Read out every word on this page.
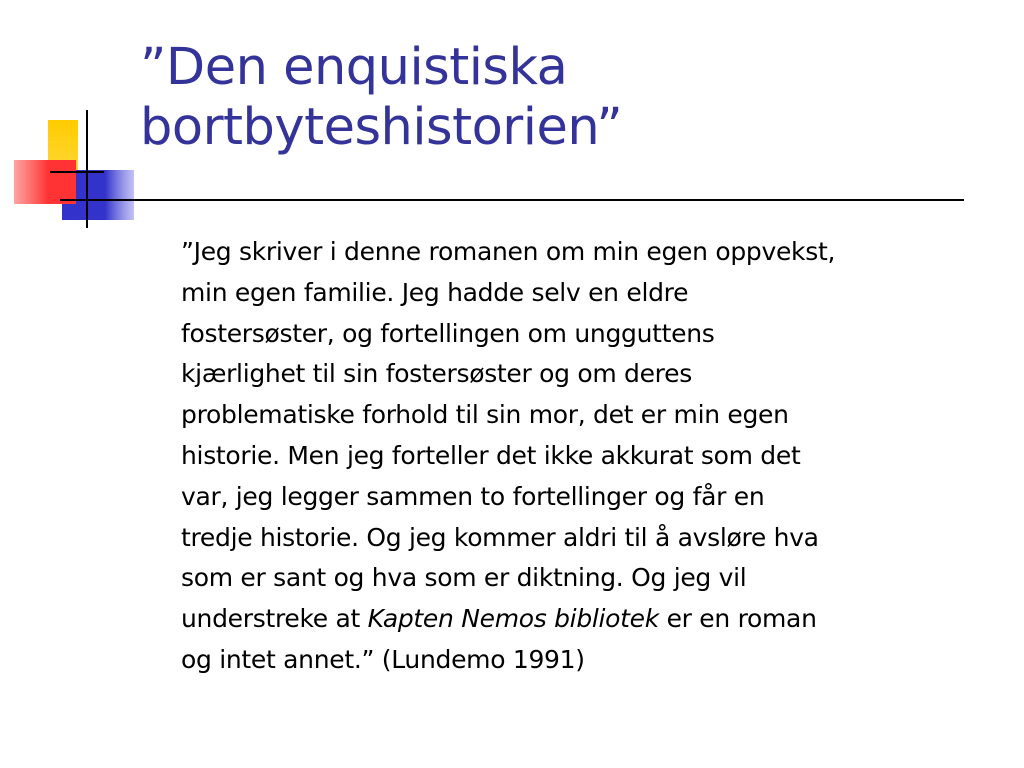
”Den enquistiska
bortbyteshistorien”

”Jeg skriver i denne romanen om min egen oppvekst,
min egen familie. Jeg hadde selv en eldre
fostersøster, og fortellingen om ungguttens
kjærlighet til sin fostersøster og om deres
problematiske forhold til sin mor, det er min egen
historie. Men jeg forteller det ikke akkurat som det
var, jeg legger sammen to fortellinger og får en
tredje historie. Og jeg kommer aldri til å avsløre hva
som er sant og hva som er diktning. Og jeg vil
understreke at Kapten Nemos bibliotek er en roman
og intet annet.” (Lundemo 1991)
